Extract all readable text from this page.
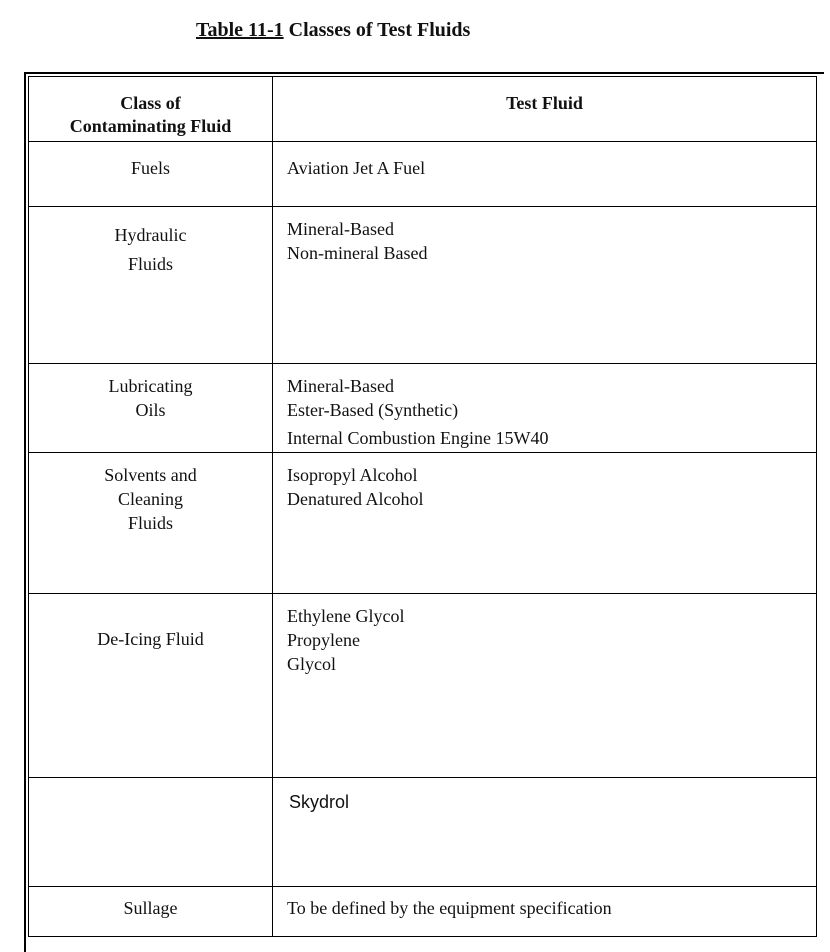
Table 11-1 Classes of Test Fluids
Class of
Contaminating Fluid	Test Fluid

Fuels	Aviation Jet A Fuel

Hydraulic
Fluids	Mineral-Based
Non-mineral Based

Lubricating
Oils	Mineral-Based
Ester-Based (Synthetic)
Internal Combustion Engine 15W40

Solvents and
Cleaning
Fluids	Isopropyl Alcohol
Denatured Alcohol

De-Icing Fluid	Ethylene Glycol
Propylene
Glycol

	Skydrol

Sullage	To be defined by the equipment specification
